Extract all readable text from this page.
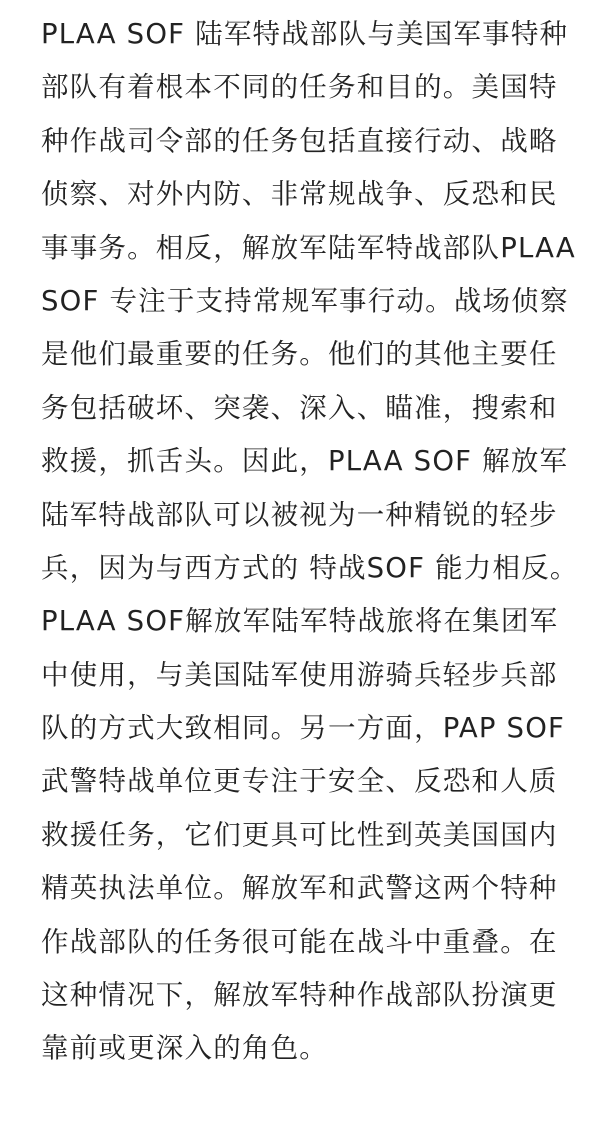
PLAA SOF 陆军特战部队与美国军事特种
部队有着根本不同的任务和目的。美国特
种作战司令部的任务包括直接行动、战略
侦察、对外内防、非常规战争、反恐和民
事事务。相反，解放军陆军特战部队PLAA
SOF 专注于支持常规军事行动。战场侦察
是他们最重要的任务。他们的其他主要任
务包括破坏、突袭、深入、瞄准，搜索和
救援，抓舌头。因此，PLAA SOF 解放军
陆军特战部队可以被视为一种精锐的轻步
兵，因为与西方式的 特战SOF 能力相反。

PLAA SOF解放军陆军特战旅将在集团军
中使用，与美国陆军使用游骑兵轻步兵部
队的方式大致相同。另一方面，PAP SOF
武警特战单位更专注于安全、反恐和人质
救援任务，它们更具可比性到英美国国内
精英执法单位。解放军和武警这两个特种
作战部队的任务很可能在战斗中重叠。在
这种情况下，解放军特种作战部队扮演更
靠前或更深入的角色。
